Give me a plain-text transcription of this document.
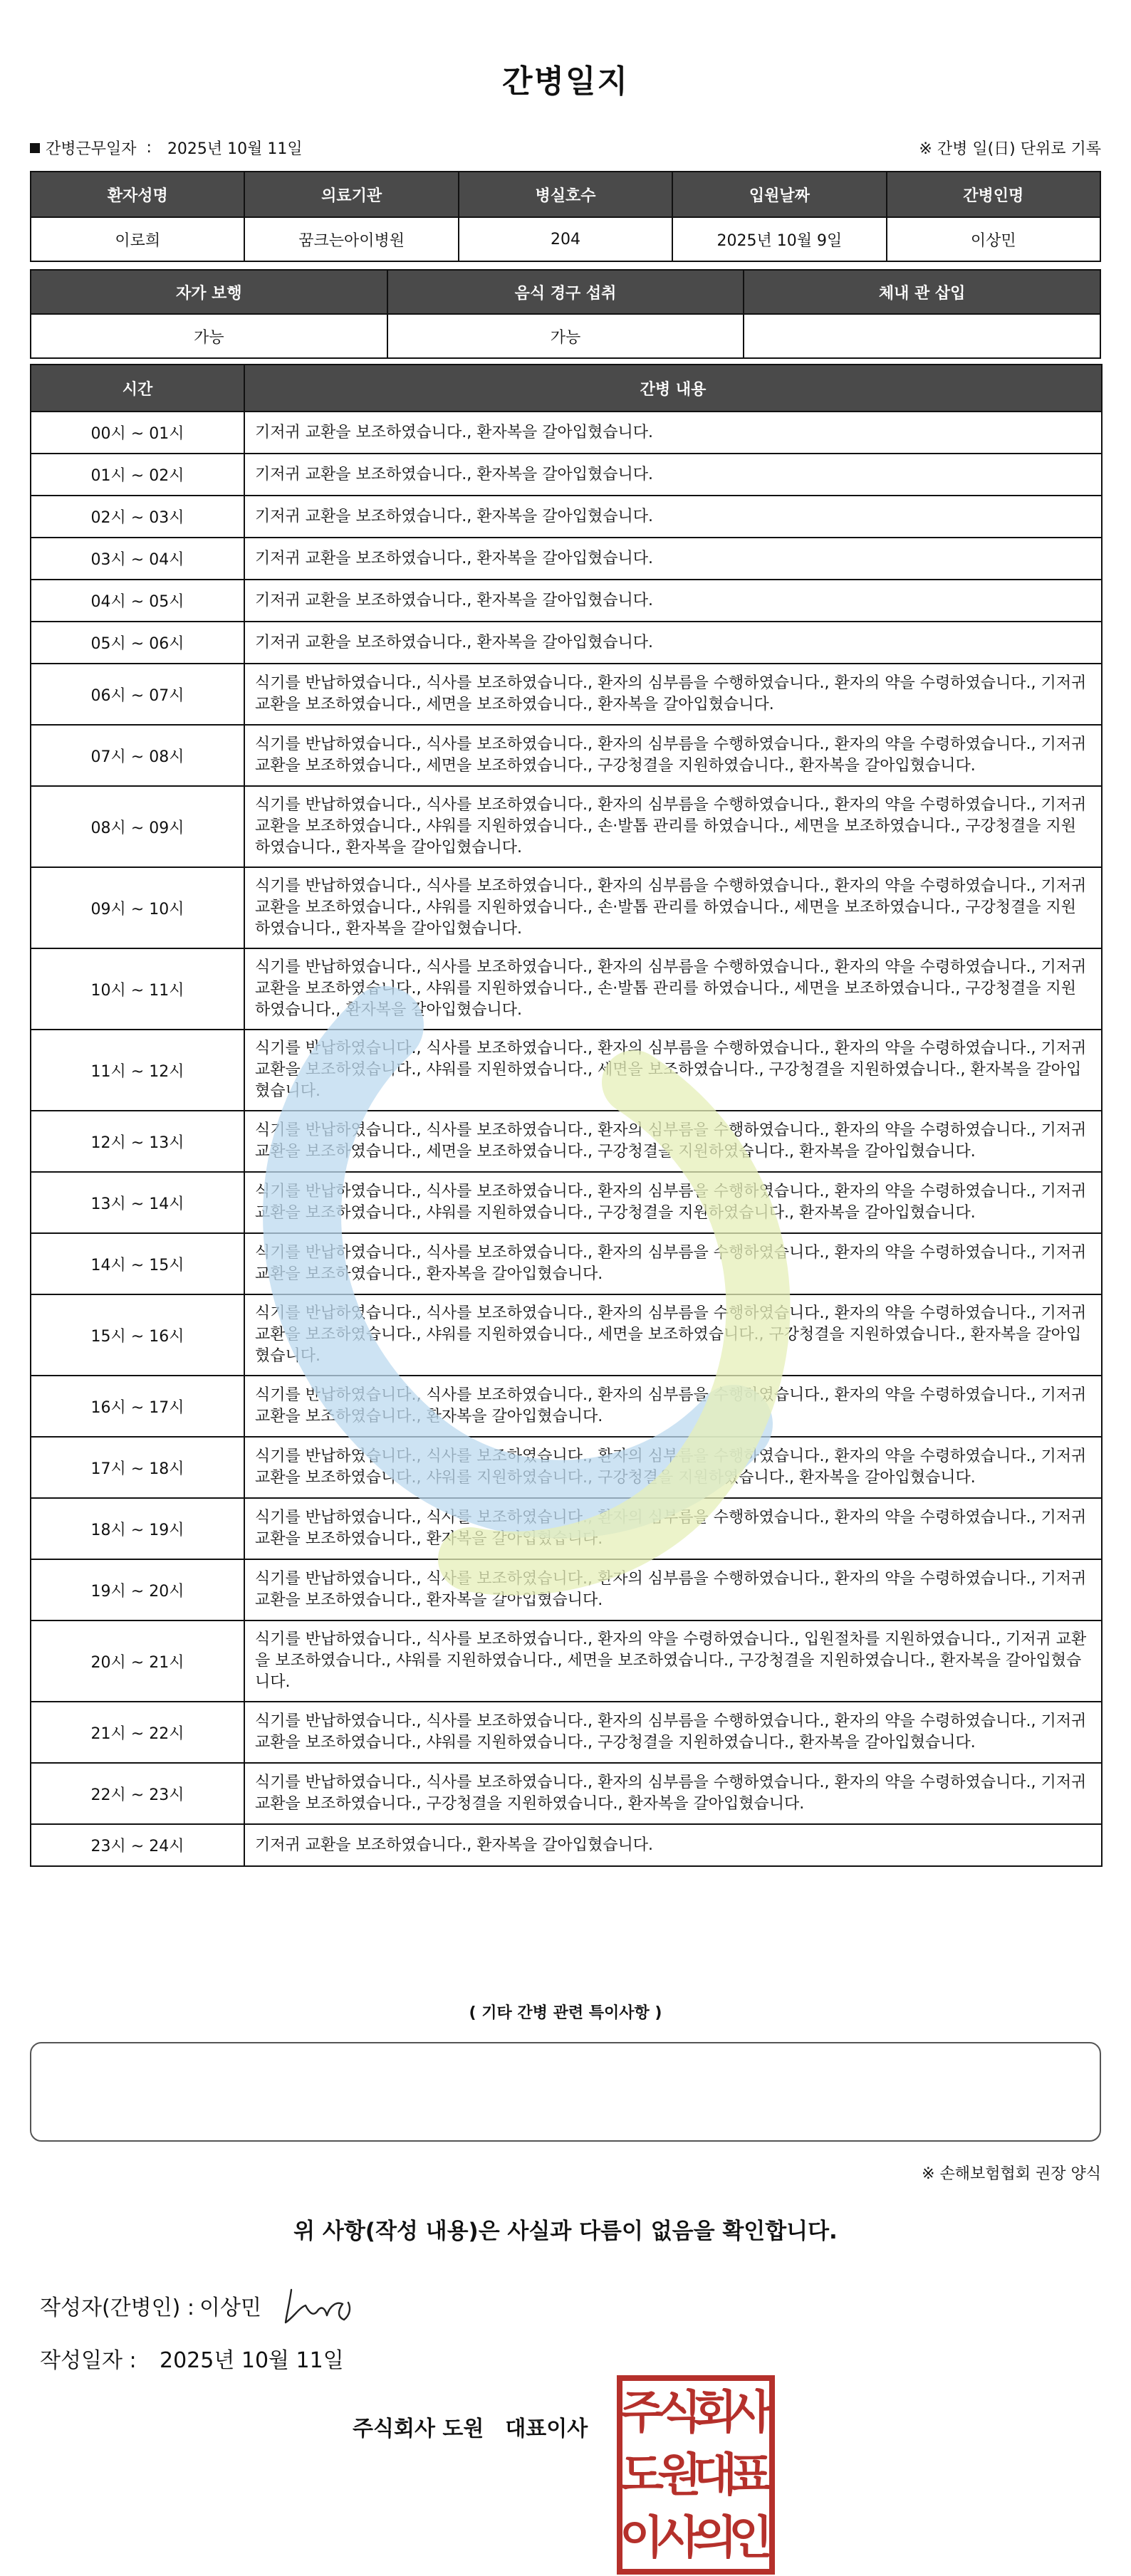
간병일지
간병근무일자 : 2025년 10월 11일	※ 간병 일(日) 단위로 기록
환자성명	의료기관	병실호수	입원날짜	간병인명
이로희	꿈크는아이병원	204	2025년 10월 9일	이상민
자가 보행	음식 경구 섭취	체내 관 삽입
가능	가능	
시간	간병 내용
00시 ~ 01시	기저귀 교환을 보조하였습니다., 환자복을 갈아입혔습니다.
01시 ~ 02시	기저귀 교환을 보조하였습니다., 환자복을 갈아입혔습니다.
02시 ~ 03시	기저귀 교환을 보조하였습니다., 환자복을 갈아입혔습니다.
03시 ~ 04시	기저귀 교환을 보조하였습니다., 환자복을 갈아입혔습니다.
04시 ~ 05시	기저귀 교환을 보조하였습니다., 환자복을 갈아입혔습니다.
05시 ~ 06시	기저귀 교환을 보조하였습니다., 환자복을 갈아입혔습니다.
06시 ~ 07시	식기를 반납하였습니다., 식사를 보조하였습니다., 환자의 심부름을 수행하였습니다., 환자의 약을 수령하였습니다., 기저귀 교환을 보조하였습니다., 세면을 보조하였습니다., 환자복을 갈아입혔습니다.
07시 ~ 08시	식기를 반납하였습니다., 식사를 보조하였습니다., 환자의 심부름을 수행하였습니다., 환자의 약을 수령하였습니다., 기저귀 교환을 보조하였습니다., 세면을 보조하였습니다., 구강청결을 지원하였습니다., 환자복을 갈아입혔습니다.
08시 ~ 09시	식기를 반납하였습니다., 식사를 보조하였습니다., 환자의 심부름을 수행하였습니다., 환자의 약을 수령하였습니다., 기저귀 교환을 보조하였습니다., 샤워를 지원하였습니다., 손·발톱 관리를 하였습니다., 세면을 보조하였습니다., 구강청결을 지원하였습니다., 환자복을 갈아입혔습니다.
09시 ~ 10시	식기를 반납하였습니다., 식사를 보조하였습니다., 환자의 심부름을 수행하였습니다., 환자의 약을 수령하였습니다., 기저귀 교환을 보조하였습니다., 샤워를 지원하였습니다., 손·발톱 관리를 하였습니다., 세면을 보조하였습니다., 구강청결을 지원하였습니다., 환자복을 갈아입혔습니다.
10시 ~ 11시	식기를 반납하였습니다., 식사를 보조하였습니다., 환자의 심부름을 수행하였습니다., 환자의 약을 수령하였습니다., 기저귀 교환을 보조하였습니다., 샤워를 지원하였습니다., 손·발톱 관리를 하였습니다., 세면을 보조하였습니다., 구강청결을 지원하였습니다., 환자복을 갈아입혔습니다.
11시 ~ 12시	식기를 반납하였습니다., 식사를 보조하였습니다., 환자의 심부름을 수행하였습니다., 환자의 약을 수령하였습니다., 기저귀 교환을 보조하였습니다., 샤워를 지원하였습니다., 세면을 보조하였습니다., 구강청결을 지원하였습니다., 환자복을 갈아입혔습니다.
12시 ~ 13시	식기를 반납하였습니다., 식사를 보조하였습니다., 환자의 심부름을 수행하였습니다., 환자의 약을 수령하였습니다., 기저귀 교환을 보조하였습니다., 세면을 보조하였습니다., 구강청결을 지원하였습니다., 환자복을 갈아입혔습니다.
13시 ~ 14시	식기를 반납하였습니다., 식사를 보조하였습니다., 환자의 심부름을 수행하였습니다., 환자의 약을 수령하였습니다., 기저귀 교환을 보조하였습니다., 샤워를 지원하였습니다., 구강청결을 지원하였습니다., 환자복을 갈아입혔습니다.
14시 ~ 15시	식기를 반납하였습니다., 식사를 보조하였습니다., 환자의 심부름을 수행하였습니다., 환자의 약을 수령하였습니다., 기저귀 교환을 보조하였습니다., 환자복을 갈아입혔습니다.
15시 ~ 16시	식기를 반납하였습니다., 식사를 보조하였습니다., 환자의 심부름을 수행하였습니다., 환자의 약을 수령하였습니다., 기저귀 교환을 보조하였습니다., 샤워를 지원하였습니다., 세면을 보조하였습니다., 구강청결을 지원하였습니다., 환자복을 갈아입혔습니다.
16시 ~ 17시	식기를 반납하였습니다., 식사를 보조하였습니다., 환자의 심부름을 수행하였습니다., 환자의 약을 수령하였습니다., 기저귀 교환을 보조하였습니다., 환자복을 갈아입혔습니다.
17시 ~ 18시	식기를 반납하였습니다., 식사를 보조하였습니다., 환자의 심부름을 수행하였습니다., 환자의 약을 수령하였습니다., 기저귀 교환을 보조하였습니다., 샤워를 지원하였습니다., 구강청결을 지원하였습니다., 환자복을 갈아입혔습니다.
18시 ~ 19시	식기를 반납하였습니다., 식사를 보조하였습니다., 환자의 심부름을 수행하였습니다., 환자의 약을 수령하였습니다., 기저귀 교환을 보조하였습니다., 환자복을 갈아입혔습니다.
19시 ~ 20시	식기를 반납하였습니다., 식사를 보조하였습니다., 환자의 심부름을 수행하였습니다., 환자의 약을 수령하였습니다., 기저귀 교환을 보조하였습니다., 환자복을 갈아입혔습니다.
20시 ~ 21시	식기를 반납하였습니다., 식사를 보조하였습니다., 환자의 약을 수령하였습니다., 입원절차를 지원하였습니다., 기저귀 교환을 보조하였습니다., 샤워를 지원하였습니다., 세면을 보조하였습니다., 구강청결을 지원하였습니다., 환자복을 갈아입혔습니다.
21시 ~ 22시	식기를 반납하였습니다., 식사를 보조하였습니다., 환자의 심부름을 수행하였습니다., 환자의 약을 수령하였습니다., 기저귀 교환을 보조하였습니다., 샤워를 지원하였습니다., 구강청결을 지원하였습니다., 환자복을 갈아입혔습니다.
22시 ~ 23시	식기를 반납하였습니다., 식사를 보조하였습니다., 환자의 심부름을 수행하였습니다., 환자의 약을 수령하였습니다., 기저귀 교환을 보조하였습니다., 구강청결을 지원하였습니다., 환자복을 갈아입혔습니다.
23시 ~ 24시	기저귀 교환을 보조하였습니다., 환자복을 갈아입혔습니다.
( 기타 간병 관련 특이사항 )
※ 손해보험협회 권장 양식
위 사항(작성 내용)은 사실과 다름이 없음을 확인합니다.
작성자(간병인) : 이상민
작성일자 :	2025년 10월 11일
주식회사 도원 대표이사 주
식
회
사
도
원
대
표
이
사
의
인
